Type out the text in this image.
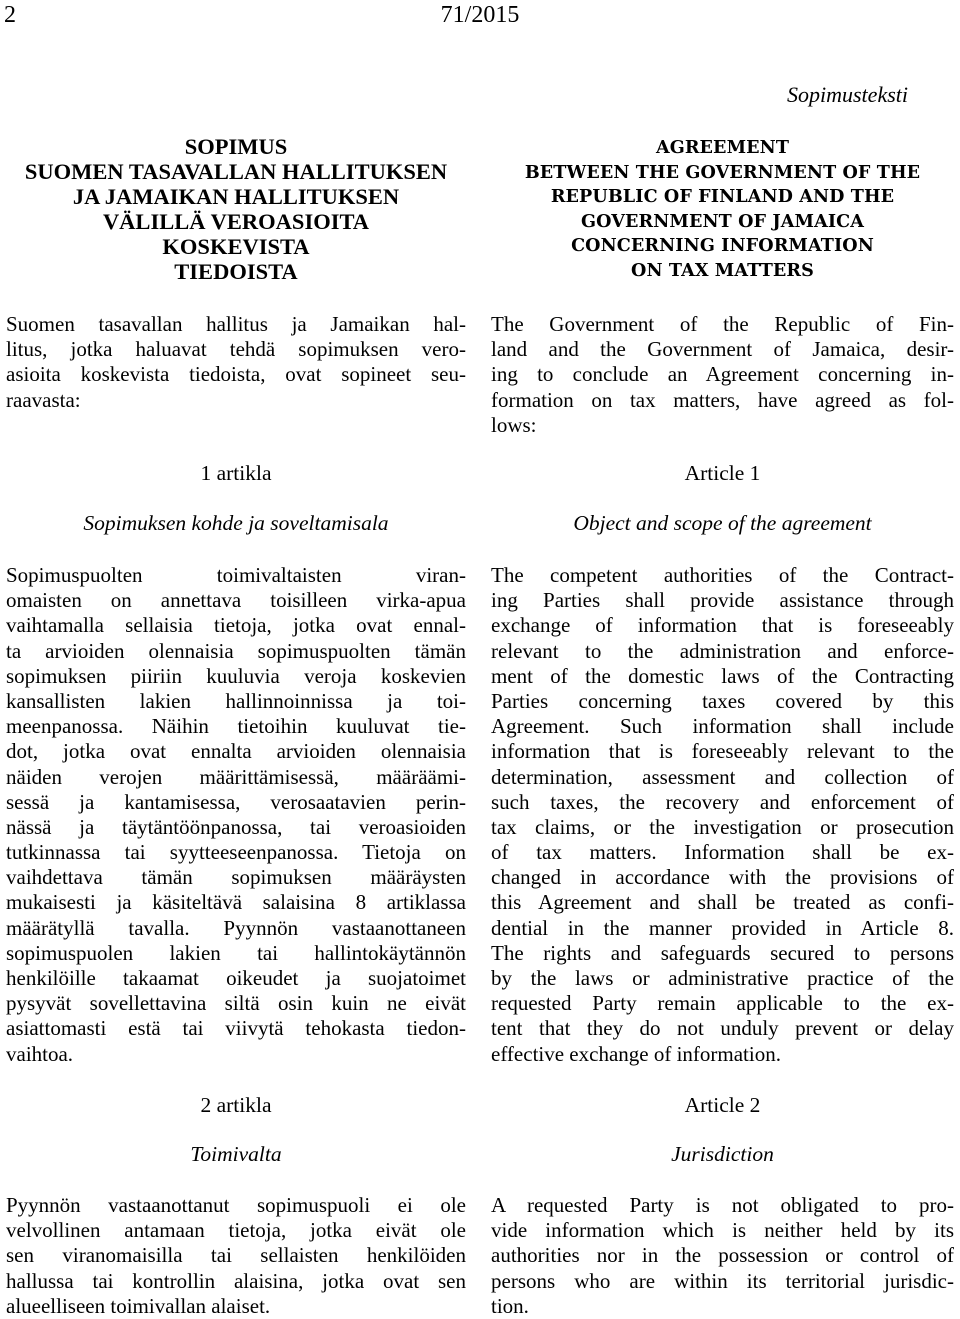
2	71/2015
Sopimusteksti
SOPIMUS
SUOMEN TASAVALLAN HALLITUKSEN
JA JAMAIKAN HALLITUKSEN
VÄLILLÄ VEROASIOITA
KOSKEVISTA
TIEDOISTA
Suomen tasavallan hallitus ja Jamaikan hal-
litus, jotka haluavat tehdä sopimuksen vero-
asioita koskevista tiedoista, ovat sopineet seu-
raavasta:
1 artikla
Sopimuksen kohde ja soveltamisala
Sopimuspuolten toimivaltaisten viran-
omaisten on annettava toisilleen virka-apua
vaihtamalla sellaisia tietoja, jotka ovat ennal-
ta arvioiden olennaisia sopimuspuolten tämän
sopimuksen piiriin kuuluvia veroja koskevien
kansallisten lakien hallinnoinnissa ja toi-
meenpanossa. Näihin tietoihin kuuluvat tie-
dot, jotka ovat ennalta arvioiden olennaisia
näiden verojen määrittämisessä, määräämi-
sessä ja kantamisessa, verosaatavien perin-
nässä ja täytäntöönpanossa, tai veroasioiden
tutkinnassa tai syytteeseenpanossa. Tietoja on
vaihdettava tämän sopimuksen määräysten
mukaisesti ja käsiteltävä salaisina 8 artiklassa
määrätyllä tavalla. Pyynnön vastaanottaneen
sopimuspuolen lakien tai hallintokäytännön
henkilöille takaamat oikeudet ja suojatoimet
pysyvät sovellettavina siltä osin kuin ne eivät
asiattomasti estä tai viivytä tehokasta tiedon-
vaihtoa.
2 artikla
Toimivalta
Pyynnön vastaanottanut sopimuspuoli ei ole
velvollinen antamaan tietoja, jotka eivät ole
sen viranomaisilla tai sellaisten henkilöiden
hallussa tai kontrollin alaisina, jotka ovat sen
alueelliseen toimivallan alaiset.
AGREEMENT
BETWEEN THE GOVERNMENT OF THE
REPUBLIC OF FINLAND AND THE
GOVERNMENT OF JAMAICA
CONCERNING INFORMATION
ON TAX MATTERS
The Government of the Republic of Fin-
land and the Government of Jamaica, desir-
ing to conclude an Agreement concerning in-
formation on tax matters, have agreed as fol-
lows:
Article 1
Object and scope of the agreement
The competent authorities of the Contract-
ing Parties shall provide assistance through
exchange of information that is foreseeably
relevant to the administration and enforce-
ment of the domestic laws of the Contracting
Parties concerning taxes covered by this
Agreement. Such information shall include
information that is foreseeably relevant to the
determination, assessment and collection of
such taxes, the recovery and enforcement of
tax claims, or the investigation or prosecution
of tax matters. Information shall be ex-
changed in accordance with the provisions of
this Agreement and shall be treated as confi-
dential in the manner provided in Article 8.
The rights and safeguards secured to persons
by the laws or administrative practice of the
requested Party remain applicable to the ex-
tent that they do not unduly prevent or delay
effective exchange of information.
Article 2
Jurisdiction
A requested Party is not obligated to pro-
vide information which is neither held by its
authorities nor in the possession or control of
persons who are within its territorial jurisdic-
tion.
